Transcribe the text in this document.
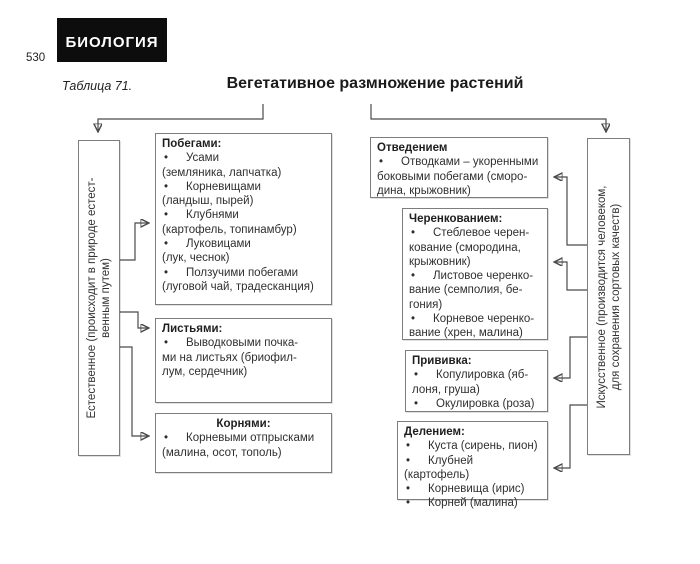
БИОЛОГИЯ
530
Таблица 71.	Вегетативное размножение растений
Естественное (происходит в природе естест- венным путем)	Искусственное (производится человеком, для сохранения сортовых качеств)
Побегами:
• Усами
(земляника, лапчатка)
• Корневищами
(ландыш, пырей)
• Клубнями
(картофель, топинамбур)
• Луковицами
(лук, чеснок)
• Ползучими побегами
(луговой чай, традесканция)
Листьями:
• Выводковыми почка-
ми на листьях (бриофил-
лум, сердечник)
Корнями:
• Корневыми отпрысками
(малина, осот, тополь)
Отведением
• Отводками – укоренными
боковыми побегами (сморо-
дина, крыжовник)
Черенкованием:
• Стеблевое черен-
кование (смородина,
крыжовник)
• Листовое черенко-
вание (семполия, бе-
гония)
• Корневое черенко-
вание (хрен, малина)
Прививка:
• Копулировка (яб-
лоня, груша)
• Окулировка (роза)
Делением:
• Куста (сирень, пион)
• Клубней (картофель)
• Корневища (ирис)
• Корней (малина)
